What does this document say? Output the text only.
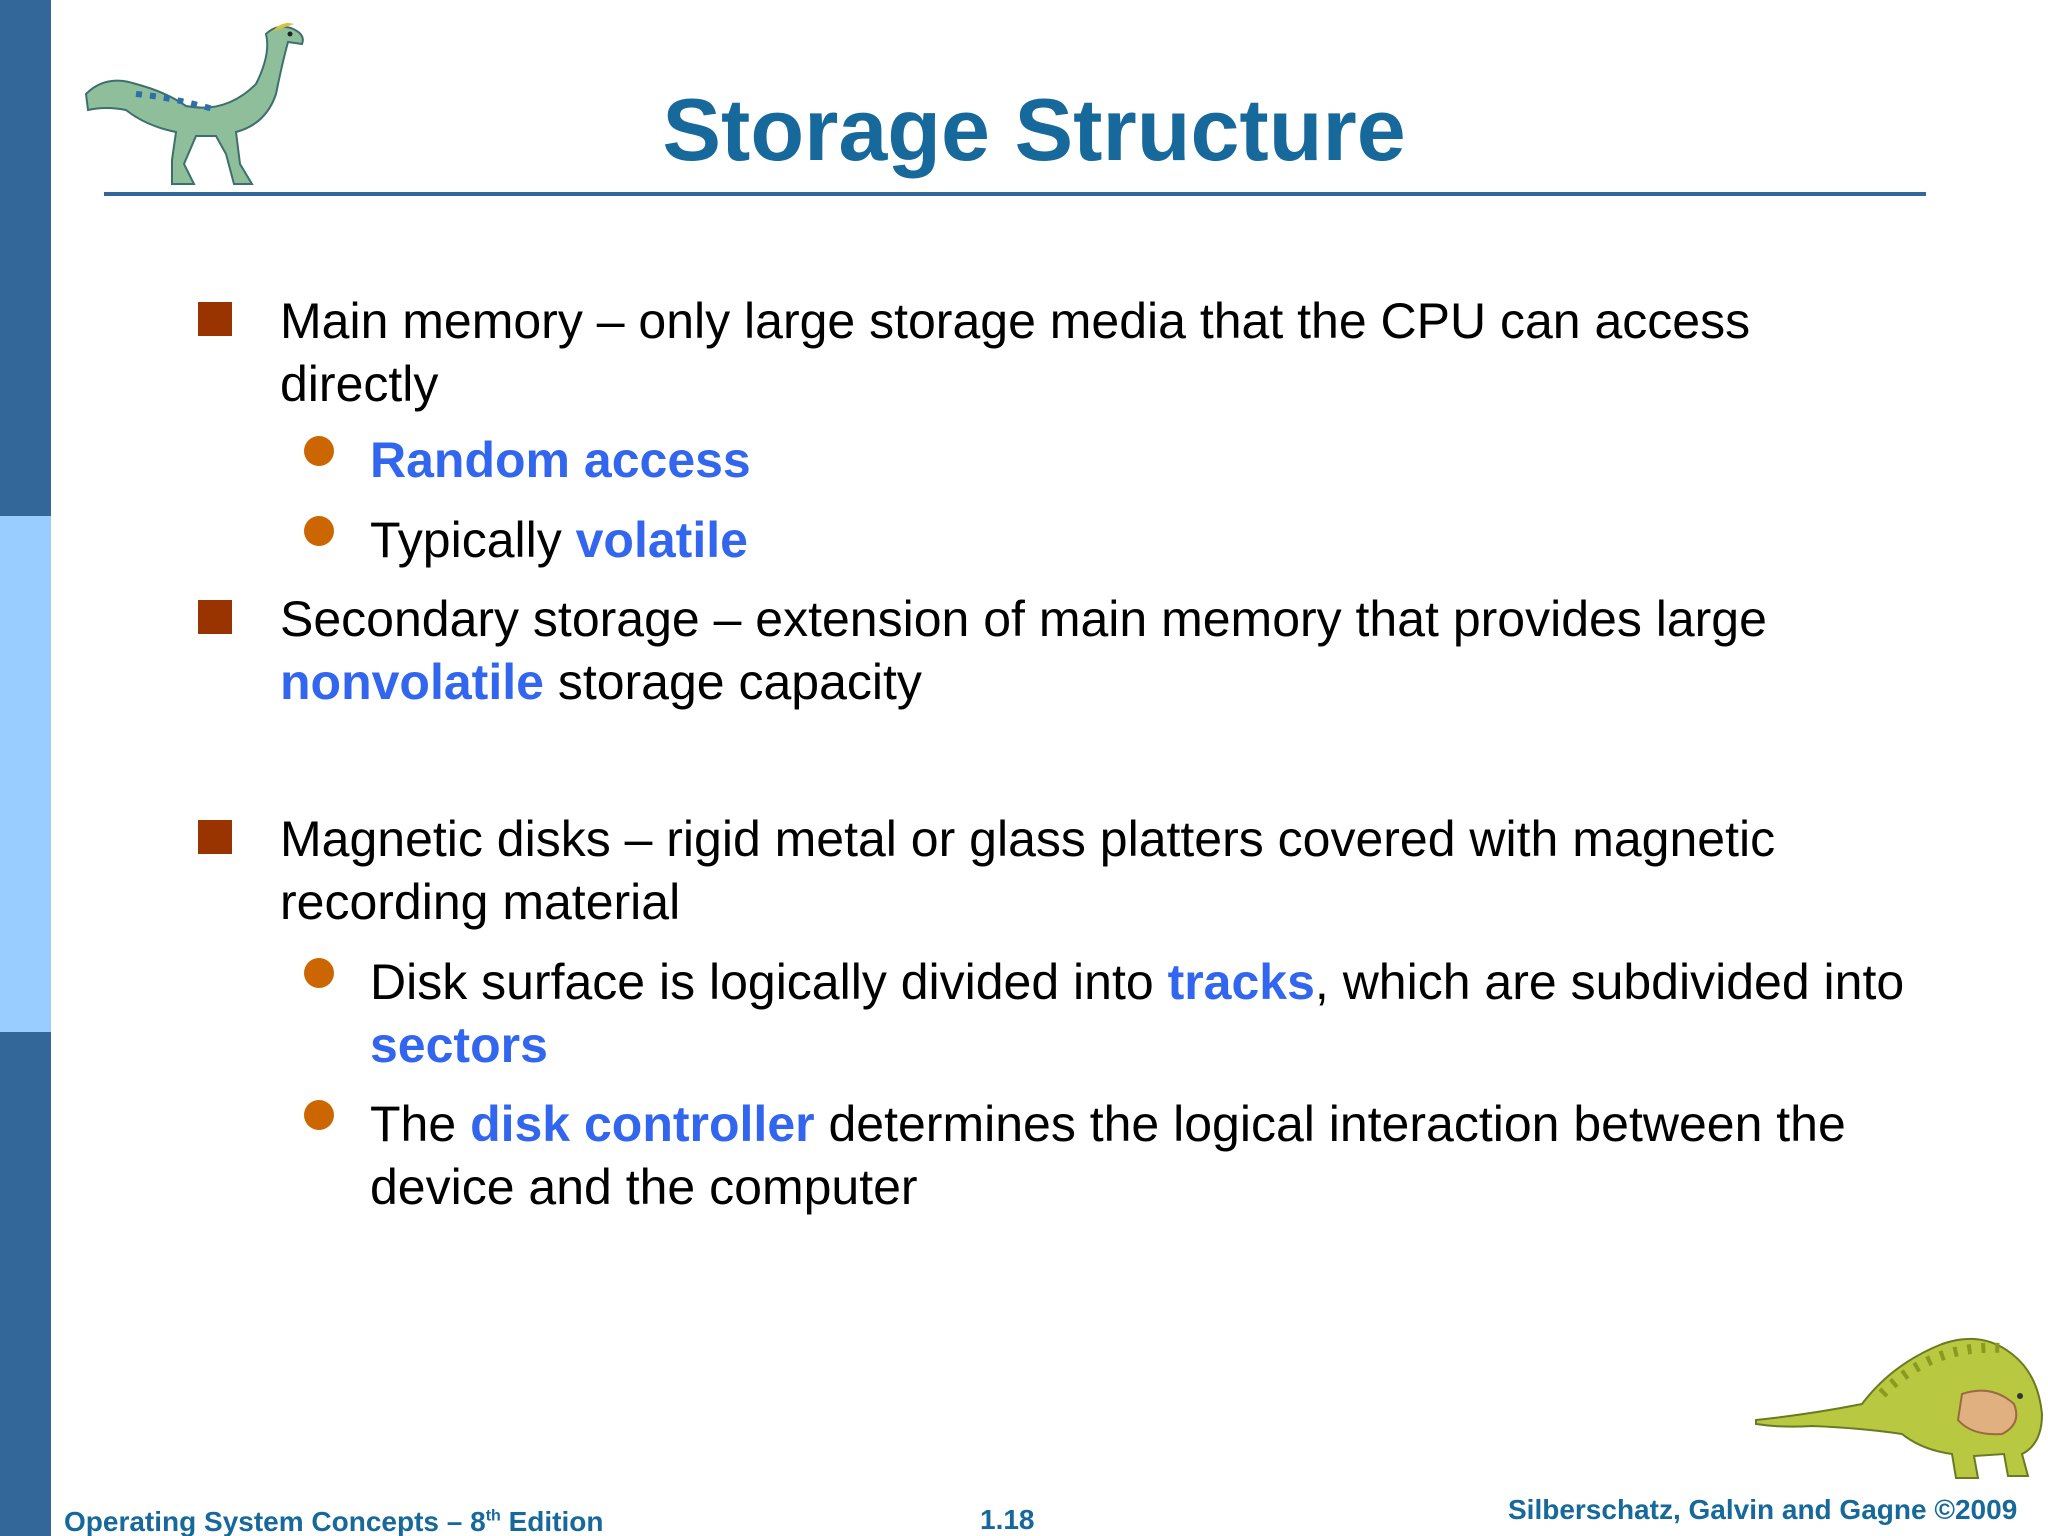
Storage Structure
Main memory – only large storage media that the CPU can access directly
Random access
Typically volatile
Secondary storage – extension of main memory that provides large nonvolatile storage capacity
Magnetic disks – rigid metal or glass platters covered with magnetic recording material
Disk surface is logically divided into tracks, which are subdivided into sectors
The disk controller determines the logical interaction between the device and the computer
Operating System Concepts – 8th Edition	1.18	Silberschatz, Galvin and Gagne ©2009
